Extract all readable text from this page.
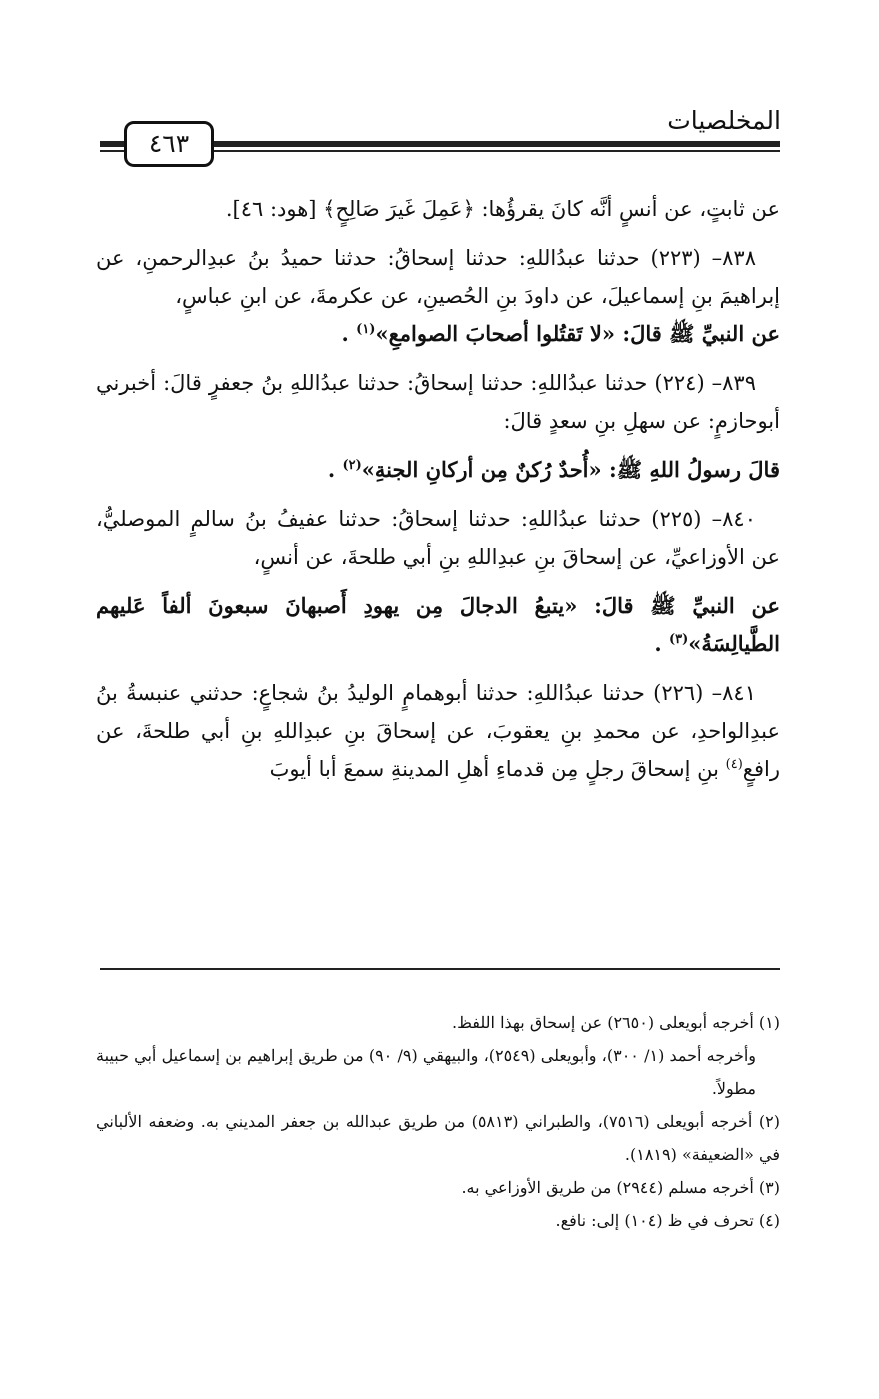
المخلصيات
٤٦٣

عن ثابتٍ، عن أنسٍ أنَّه كانَ يقرؤُها: ﴿عَمِلَ غَيرَ صَالِحٍ﴾ [هود: ٤٦].

٨٣٨– (٢٢٣) حدثنا عبدُاللهِ: حدثنا إسحاقُ: حدثنا حميدُ بنُ عبدِالرحمنِ، عن إبراهيمَ بنِ إسماعيلَ، عن داودَ بنِ الحُصينِ، عن عكرمةَ، عن ابنِ عباسٍ،

عن النبيِّ ﷺ قالَ: «لا تَقتُلوا أصحابَ الصوامعِ»$^{(١)}$ .

٨٣٩– (٢٢٤) حدثنا عبدُاللهِ: حدثنا إسحاقُ: حدثنا عبدُاللهِ بنُ جعفرٍ قالَ: أخبرني أبوحازمٍ: عن سهلِ بنِ سعدٍ قالَ:

قالَ رسولُ اللهِ ﷺ: «أُحدٌ رُكنٌ مِن أركانِ الجنةِ»$^{(٢)}$ .

٨٤٠– (٢٢٥) حدثنا عبدُاللهِ: حدثنا إسحاقُ: حدثنا عفيفُ بنُ سالمٍ الموصليُّ، عن الأوزاعيِّ، عن إسحاقَ بنِ عبدِاللهِ بنِ أبي طلحةَ، عن أنسٍ،

عن النبيِّ ﷺ قالَ: «يتبعُ الدجالَ مِن يهودِ أَصبهانَ سبعونَ ألفاً عَليهم الطَّيالِسَةُ»$^{(٣)}$ .

٨٤١– (٢٢٦) حدثنا عبدُاللهِ: حدثنا أبوهمامٍ الوليدُ بنُ شجاعٍ: حدثني عنبسةُ بنُ عبدِالواحدِ، عن محمدِ بنِ يعقوبَ، عن إسحاقَ بنِ عبدِاللهِ بنِ أبي طلحةَ، عن رافعٍ$^{(٤)}$ بنِ إسحاقَ رجلٍ مِن قدماءِ أهلِ المدينةِ سمعَ أبا أيوبَ

(١) أخرجه أبويعلى (٢٦٥٠) عن إسحاق بهذا اللفظ.

وأخرجه أحمد (١/ ٣٠٠)، وأبويعلى (٢٥٤٩)، والبيهقي (٩/ ٩٠) من طريق إبراهيم بن إسماعيل أبي حبيبة مطولاً.

(٢) أخرجه أبويعلى (٧٥١٦)، والطبراني (٥٨١٣) من طريق عبدالله بن جعفر المديني به. وضعفه الألباني في «الضعيفة» (١٨١٩).

(٣) أخرجه مسلم (٢٩٤٤) من طريق الأوزاعي به.

(٤) تحرف في ظ (١٠٤) إلى: نافع.
